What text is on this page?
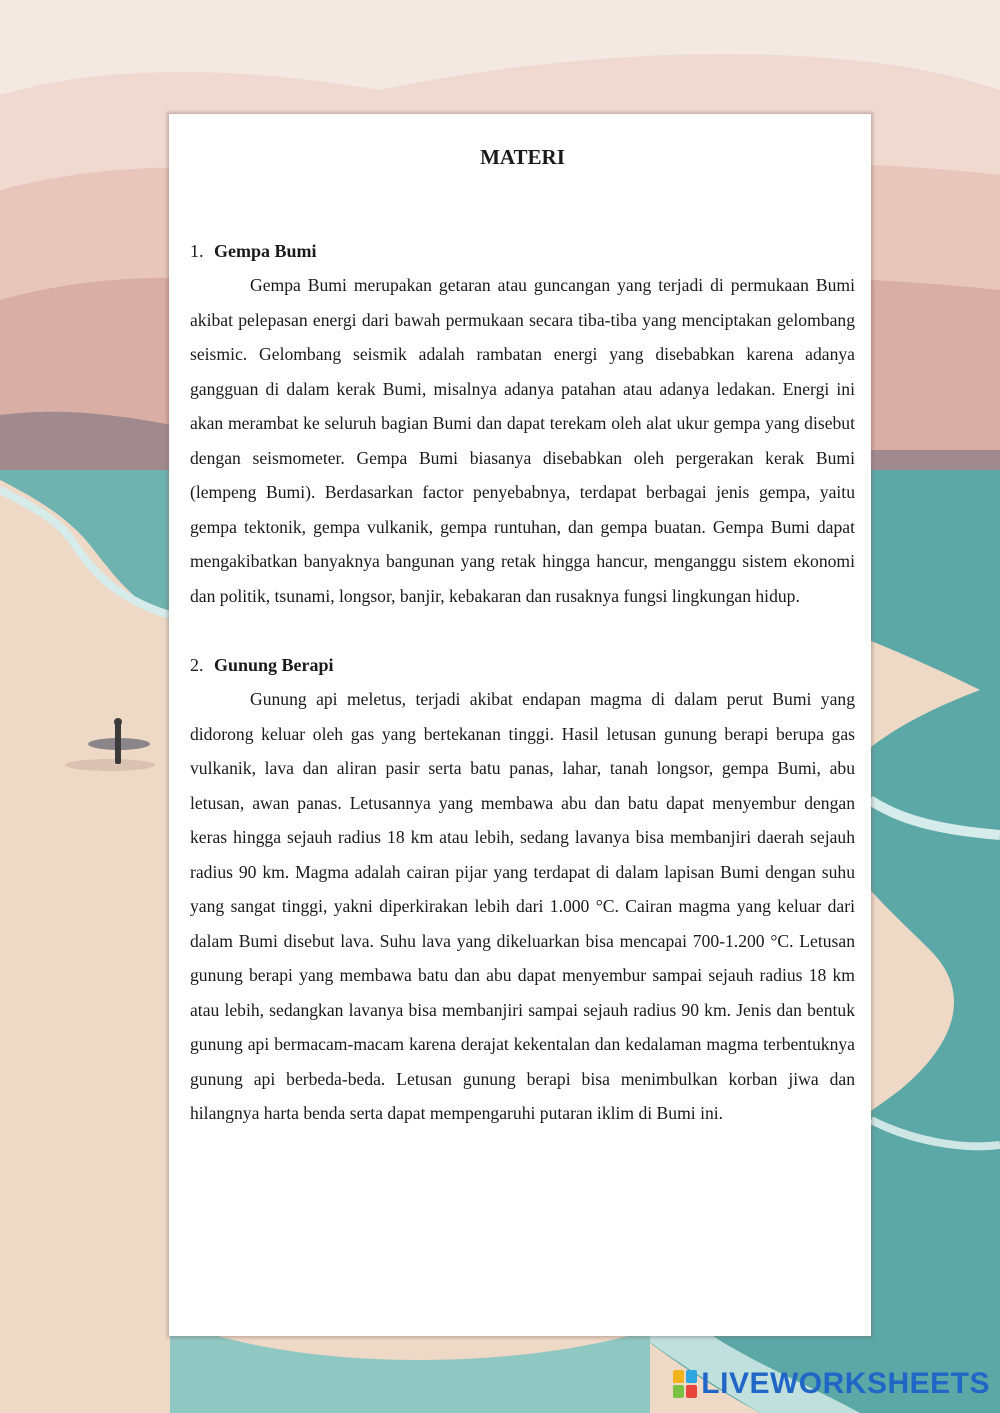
MATERI

1. Gempa Bumi

Gempa Bumi merupakan getaran atau guncangan yang terjadi di permukaan Bumi akibat pelepasan energi dari bawah permukaan secara tiba-tiba yang menciptakan gelombang seismic. Gelombang seismik adalah rambatan energi yang disebabkan karena adanya gangguan di dalam kerak Bumi, misalnya adanya patahan atau adanya ledakan. Energi ini akan merambat ke seluruh bagian Bumi dan dapat terekam oleh alat ukur gempa yang disebut dengan seismometer. Gempa Bumi biasanya disebabkan oleh pergerakan kerak Bumi (lempeng Bumi). Berdasarkan factor penyebabnya, terdapat berbagai jenis gempa, yaitu gempa tektonik, gempa vulkanik, gempa runtuhan, dan gempa buatan. Gempa Bumi dapat mengakibatkan banyaknya bangunan yang retak hingga hancur, menganggu sistem ekonomi dan politik, tsunami, longsor, banjir, kebakaran dan rusaknya fungsi lingkungan hidup.

2. Gunung Berapi

Gunung api meletus, terjadi akibat endapan magma di dalam perut Bumi yang didorong keluar oleh gas yang bertekanan tinggi. Hasil letusan gunung berapi berupa gas vulkanik, lava dan aliran pasir serta batu panas, lahar, tanah longsor, gempa Bumi, abu letusan, awan panas. Letusannya yang membawa abu dan batu dapat menyembur dengan keras hingga sejauh radius 18 km atau lebih, sedang lavanya bisa membanjiri daerah sejauh radius 90 km. Magma adalah cairan pijar yang terdapat di dalam lapisan Bumi dengan suhu yang sangat tinggi, yakni diperkirakan lebih dari 1.000 °C. Cairan magma yang keluar dari dalam Bumi disebut lava. Suhu lava yang dikeluarkan bisa mencapai 700-1.200 °C. Letusan gunung berapi yang membawa batu dan abu dapat menyembur sampai sejauh radius 18 km atau lebih, sedangkan lavanya bisa membanjiri sampai sejauh radius 90 km. Jenis dan bentuk gunung api bermacam-macam karena derajat kekentalan dan kedalaman magma terbentuknya gunung api berbeda-beda. Letusan gunung berapi bisa menimbulkan korban jiwa dan hilangnya harta benda serta dapat mempengaruhi putaran iklim di Bumi ini.

LIVEWORKSHEETS
